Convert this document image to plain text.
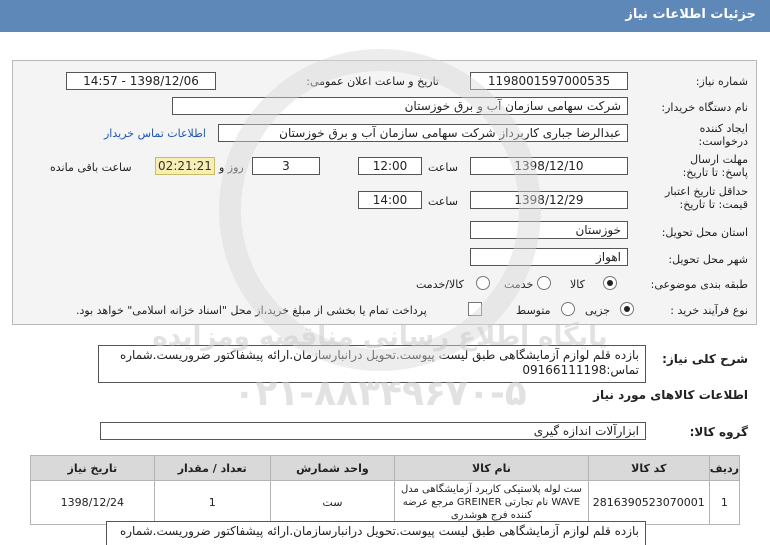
جزئیات اطلاعات نیاز
شماره نیاز:
1198001597000535
تاریخ و ساعت اعلان عمومی:
1398/12/06 - 14:57
نام دستگاه خریدار:
شرکت سهامی سازمان آب و برق خوزستان
ایجاد کننده درخواست:
عبدالرضا جباری کاربرداز شرکت سهامی سازمان آب و برق خوزستان
اطلاعات تماس خریدار
مهلت ارسال پاسخ: تا تاریخ:
1398/12/10
ساعت
12:00
3
روز و
02:21:21
ساعت باقی مانده
حداقل تاریخ اعتبار قیمت: تا تاریخ:
1398/12/29
ساعت
14:00
استان محل تحویل:
خوزستان
شهر محل تحویل:
اهواز
طبقه بندی موضوعی:
کالا
خدمت
کالا/خدمت
نوع فرآیند خرید :
جزیی
متوسط
پرداخت تمام یا بخشی از مبلغ خرید،از محل "اسناد خزانه اسلامی" خواهد بود.
شرح کلی نیاز:
بازده قلم لوازم آزمایشگاهی طبق لیست پیوست.تحویل درانبارسازمان.ارائه پیشفاکتور ضروریست.شماره تماس:09166111198
اطلاعات کالاهای مورد نیاز
گروه کالا:
ابزارآلات اندازه گیری
ردیف	کد کالا	نام کالا	واحد شمارش	تعداد / مقدار	تاریخ نیاز
1	2816390523070001	ست لوله پلاستیکی کاربرد آزمایشگاهی مدل WAVE نام تجارتی GREINER مرجع عرضه کننده فرج هوشدری	ست	1	1398/12/24
بازده قلم لوازم آزمایشگاهی طبق لیست پیوست.تحویل درانبارسازمان.ارائه پیشفاکتور ضروریست.شماره
پایگاه اطلاع رسانی مناقصه ومزایده
۰۲۱-۸۸۳۴۹۶۷۰-۵
